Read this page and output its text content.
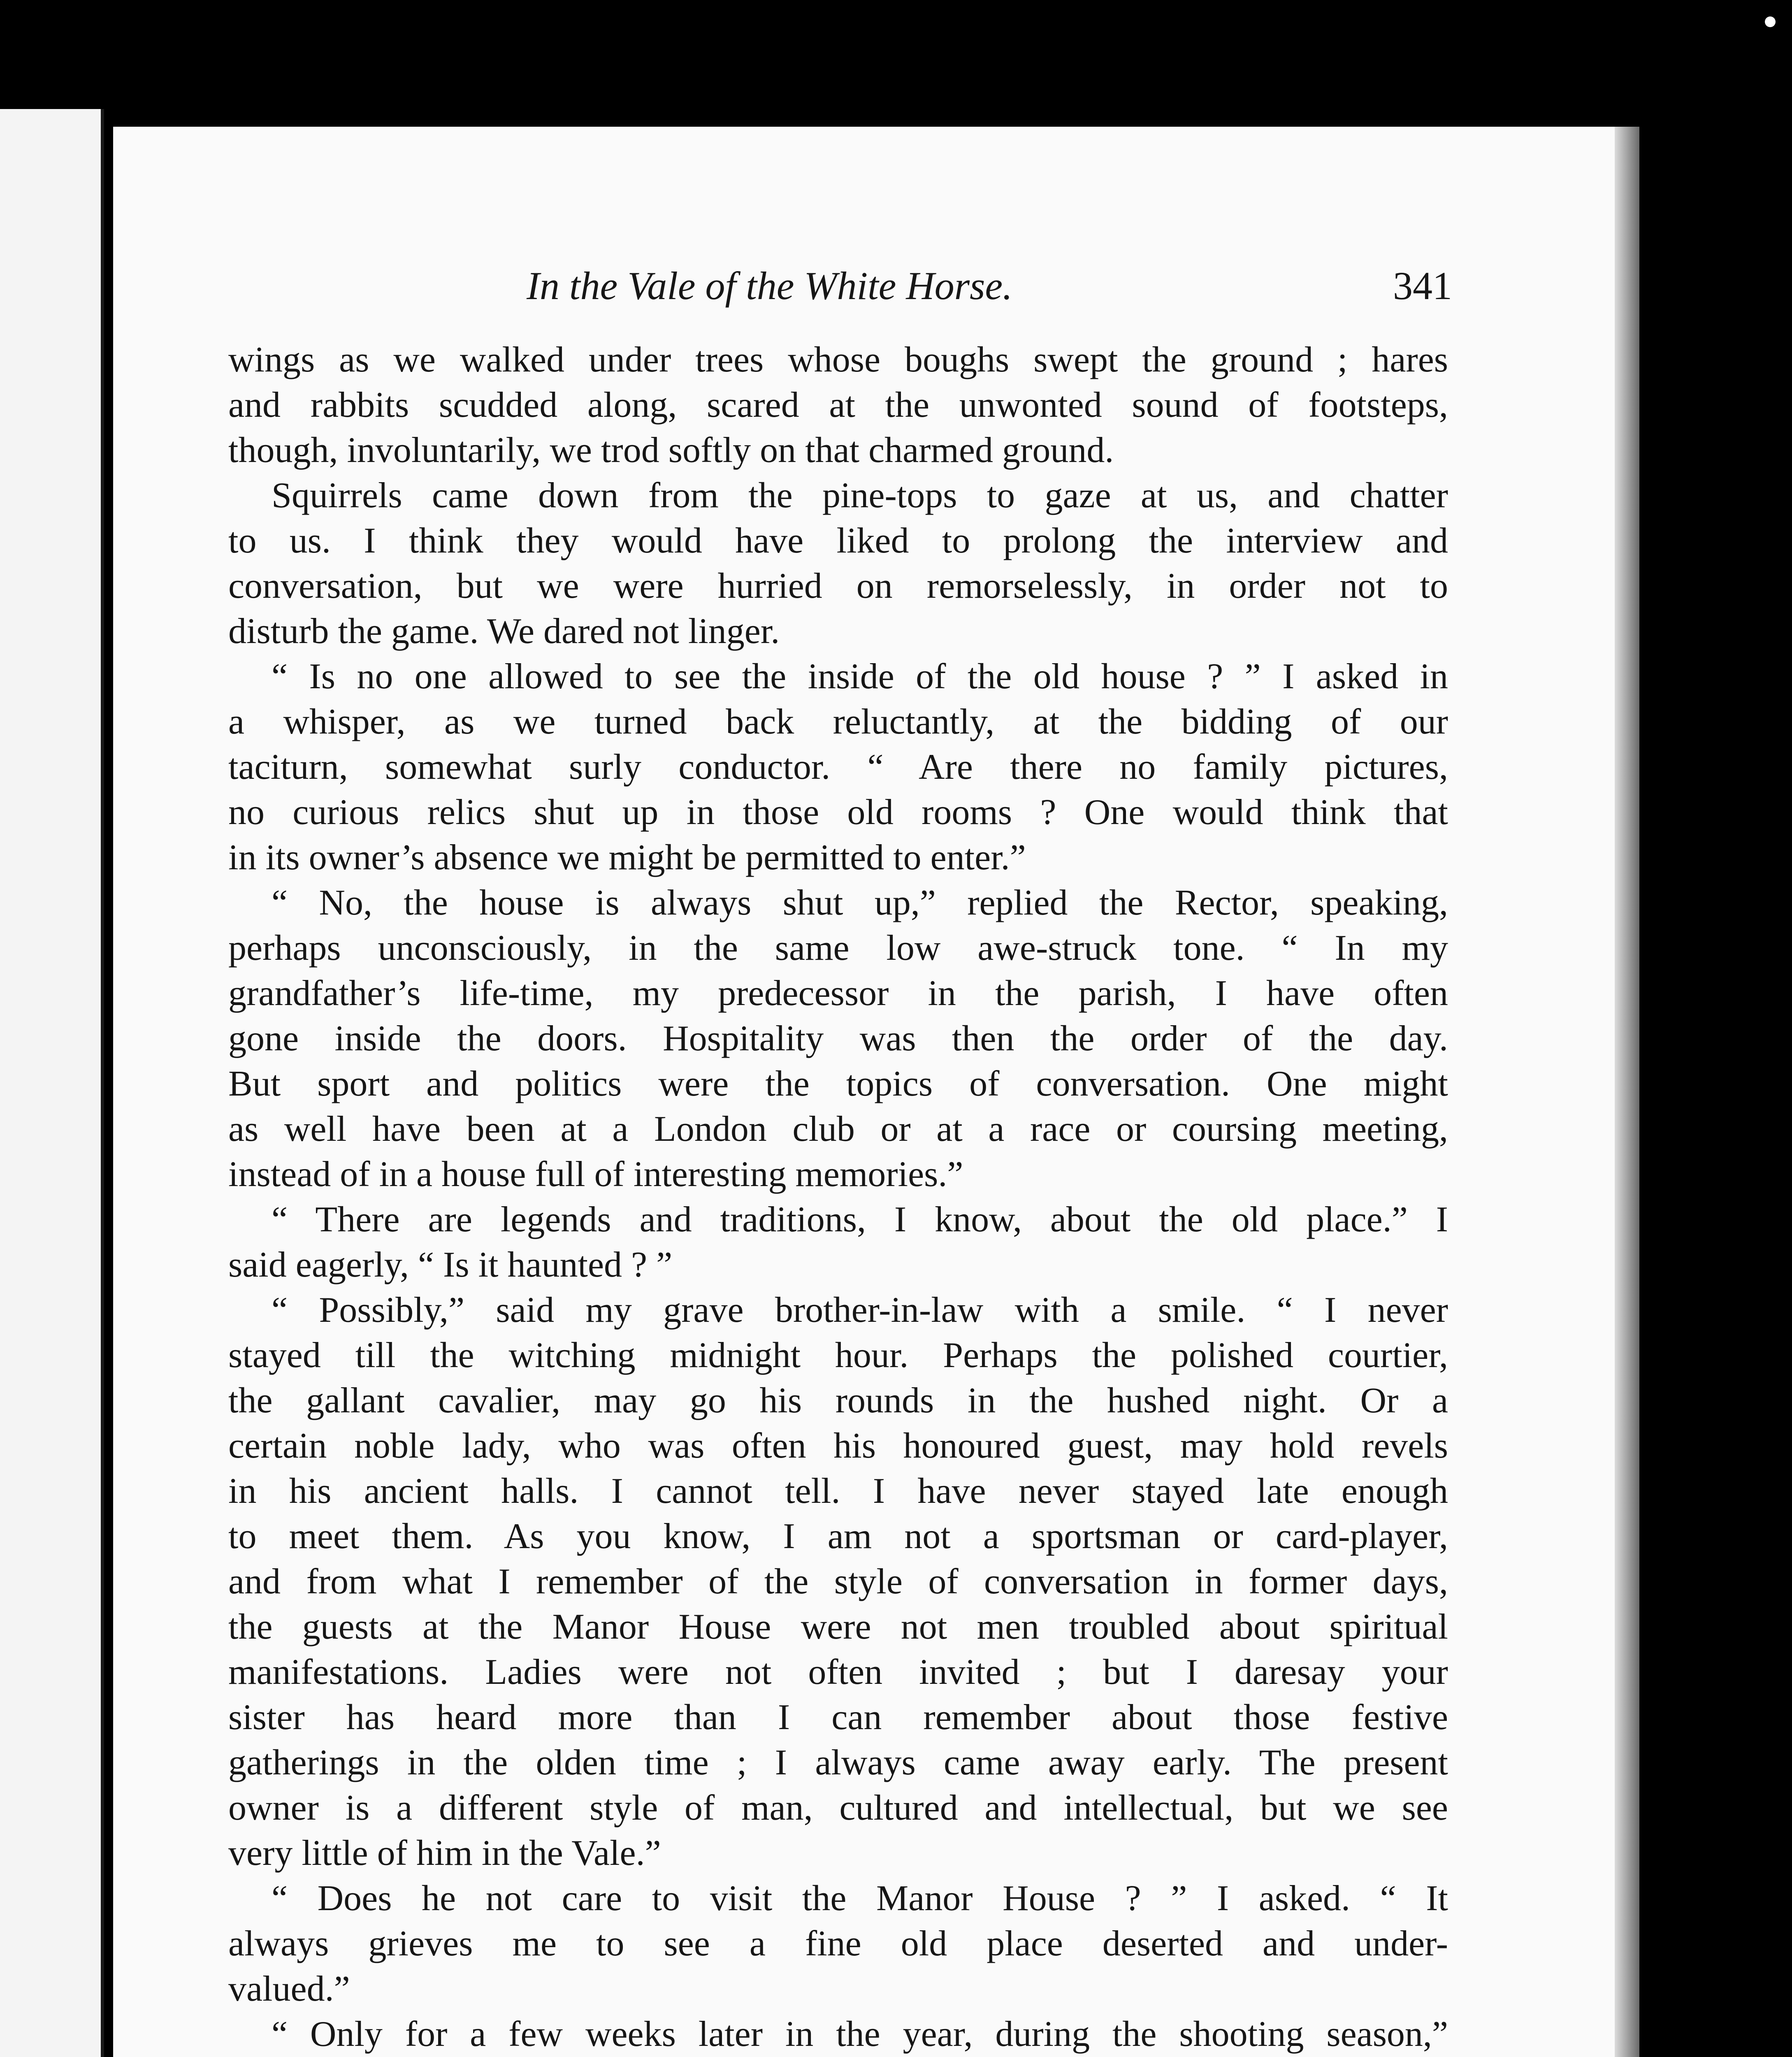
In the Vale of the White Horse.	341
wings as we walked under trees whose boughs swept the ground ; hares
and rabbits scudded along, scared at the unwonted sound of footsteps,
though, involuntarily, we trod softly on that charmed ground.
Squirrels came down from the pine-tops to gaze at us, and chatter
to us. I think they would have liked to prolong the interview and
conversation, but we were hurried on remorselessly, in order not to
disturb the game. We dared not linger.
“ Is no one allowed to see the inside of the old house ? ” I asked in
a whisper, as we turned back reluctantly, at the bidding of our
taciturn, somewhat surly conductor. “ Are there no family pictures,
no curious relics shut up in those old rooms ? One would think that
in its owner’s absence we might be permitted to enter.”
“ No, the house is always shut up,” replied the Rector, speaking,
perhaps unconsciously, in the same low awe-struck tone. “ In my
grandfather’s life-time, my predecessor in the parish, I have often
gone inside the doors. Hospitality was then the order of the day.
But sport and politics were the topics of conversation. One might
as well have been at a London club or at a race or coursing meeting,
instead of in a house full of interesting memories.”
“ There are legends and traditions, I know, about the old place.” I
said eagerly, “ Is it haunted ? ”
“ Possibly,” said my grave brother-in-law with a smile. “ I never
stayed till the witching midnight hour. Perhaps the polished courtier,
the gallant cavalier, may go his rounds in the hushed night. Or a
certain noble lady, who was often his honoured guest, may hold revels
in his ancient halls. I cannot tell. I have never stayed late enough
to meet them. As you know, I am not a sportsman or card-player,
and from what I remember of the style of conversation in former days,
the guests at the Manor House were not men troubled about spiritual
manifestations. Ladies were not often invited ; but I daresay your
sister has heard more than I can remember about those festive
gatherings in the olden time ; I always came away early. The present
owner is a different style of man, cultured and intellectual, but we see
very little of him in the Vale.”
“ Does he not care to visit the Manor House ? ” I asked. “ It
always grieves me to see a fine old place deserted and under-
valued.”
“ Only for a few weeks later in the year, during the shooting season,”
